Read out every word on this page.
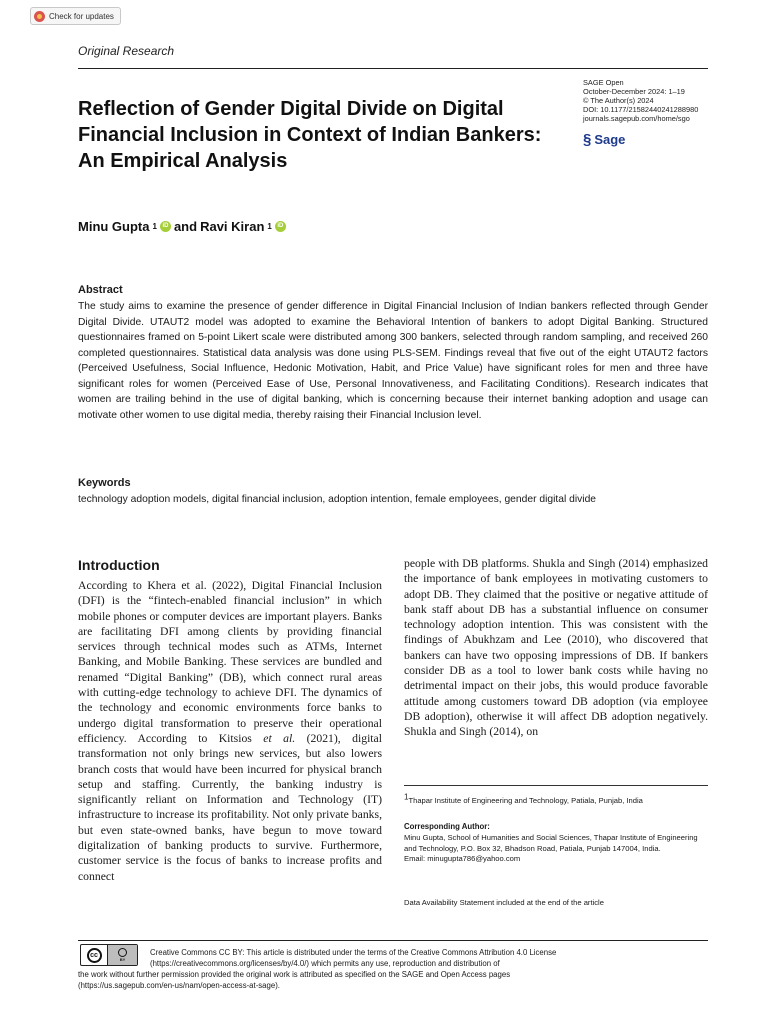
Check for updates
Original Research
SAGE Open
October-December 2024: 1–19
© The Author(s) 2024
DOI: 10.1177/21582440241288980
journals.sagepub.com/home/sgo
§ Sage
Reflection of Gender Digital Divide on Digital Financial Inclusion in Context of Indian Bankers: An Empirical Analysis
Minu Gupta 1 iD and Ravi Kiran 1 iD
Abstract
The study aims to examine the presence of gender difference in Digital Financial Inclusion of Indian bankers reflected through Gender Digital Divide. UTAUT2 model was adopted to examine the Behavioral Intention of bankers to adopt Digital Banking. Structured questionnaires framed on 5-point Likert scale were distributed among 300 bankers, selected through random sampling, and received 260 completed questionnaires. Statistical data analysis was done using PLS-SEM. Findings reveal that five out of the eight UTAUT2 factors (Perceived Usefulness, Social Influence, Hedonic Motivation, Habit, and Price Value) have significant roles for men and three have significant roles for women (Perceived Ease of Use, Personal Innovativeness, and Facilitating Conditions). Research indicates that women are trailing behind in the use of digital banking, which is concerning because their internet banking adoption and usage can motivate other women to use digital media, thereby raising their Financial Inclusion level.
Keywords
technology adoption models, digital financial inclusion, adoption intention, female employees, gender digital divide
Introduction
According to Khera et al. (2022), Digital Financial Inclusion (DFI) is the “fintech-enabled financial inclusion” in which mobile phones or computer devices are important players. Banks are facilitating DFI among clients by providing financial services through technical modes such as ATMs, Internet Banking, and Mobile Banking. These services are bundled and renamed “Digital Banking” (DB), which connect rural areas with cutting-edge technology to achieve DFI. The dynamics of the technology and economic environments force banks to undergo digital transformation to preserve their operational efficiency. According to Kitsios et al. (2021), digital transformation not only brings new services, but also lowers branch costs that would have been incurred for physical branch setup and staffing. Currently, the banking industry is significantly reliant on Information and Technology (IT) infrastructure to increase its profitability. Not only private banks, but even state-owned banks, have begun to move toward digitalization of banking products to survive. Furthermore, customer service is the focus of banks to increase profits and connect
people with DB platforms. Shukla and Singh (2014) emphasized the importance of bank employees in motivating customers to adopt DB. They claimed that the positive or negative attitude of bank staff about DB has a substantial influence on consumer technology adoption intention. This was consistent with the findings of Abukhzam and Lee (2010), who discovered that bankers can have two opposing impressions of DB. If bankers consider DB as a tool to lower bank costs while having no detrimental impact on their jobs, this would produce favorable attitude among customers toward DB adoption (via employee DB adoption), otherwise it will affect DB adoption negatively. Shukla and Singh (2014), on
1Thapar Institute of Engineering and Technology, Patiala, Punjab, India
Corresponding Author:
Minu Gupta, School of Humanities and Social Sciences, Thapar Institute of Engineering and Technology, P.O. Box 32, Bhadson Road, Patiala, Punjab 147004, India.
Email: minugupta786@yahoo.com
Data Availability Statement included at the end of the article
cc
BY
Creative Commons CC BY: This article is distributed under the terms of the Creative Commons Attribution 4.0 License
(https://creativecommons.org/licenses/by/4.0/) which permits any use, reproduction and distribution of
the work without further permission provided the original work is attributed as specified on the SAGE and Open Access pages
(https://us.sagepub.com/en-us/nam/open-access-at-sage).
